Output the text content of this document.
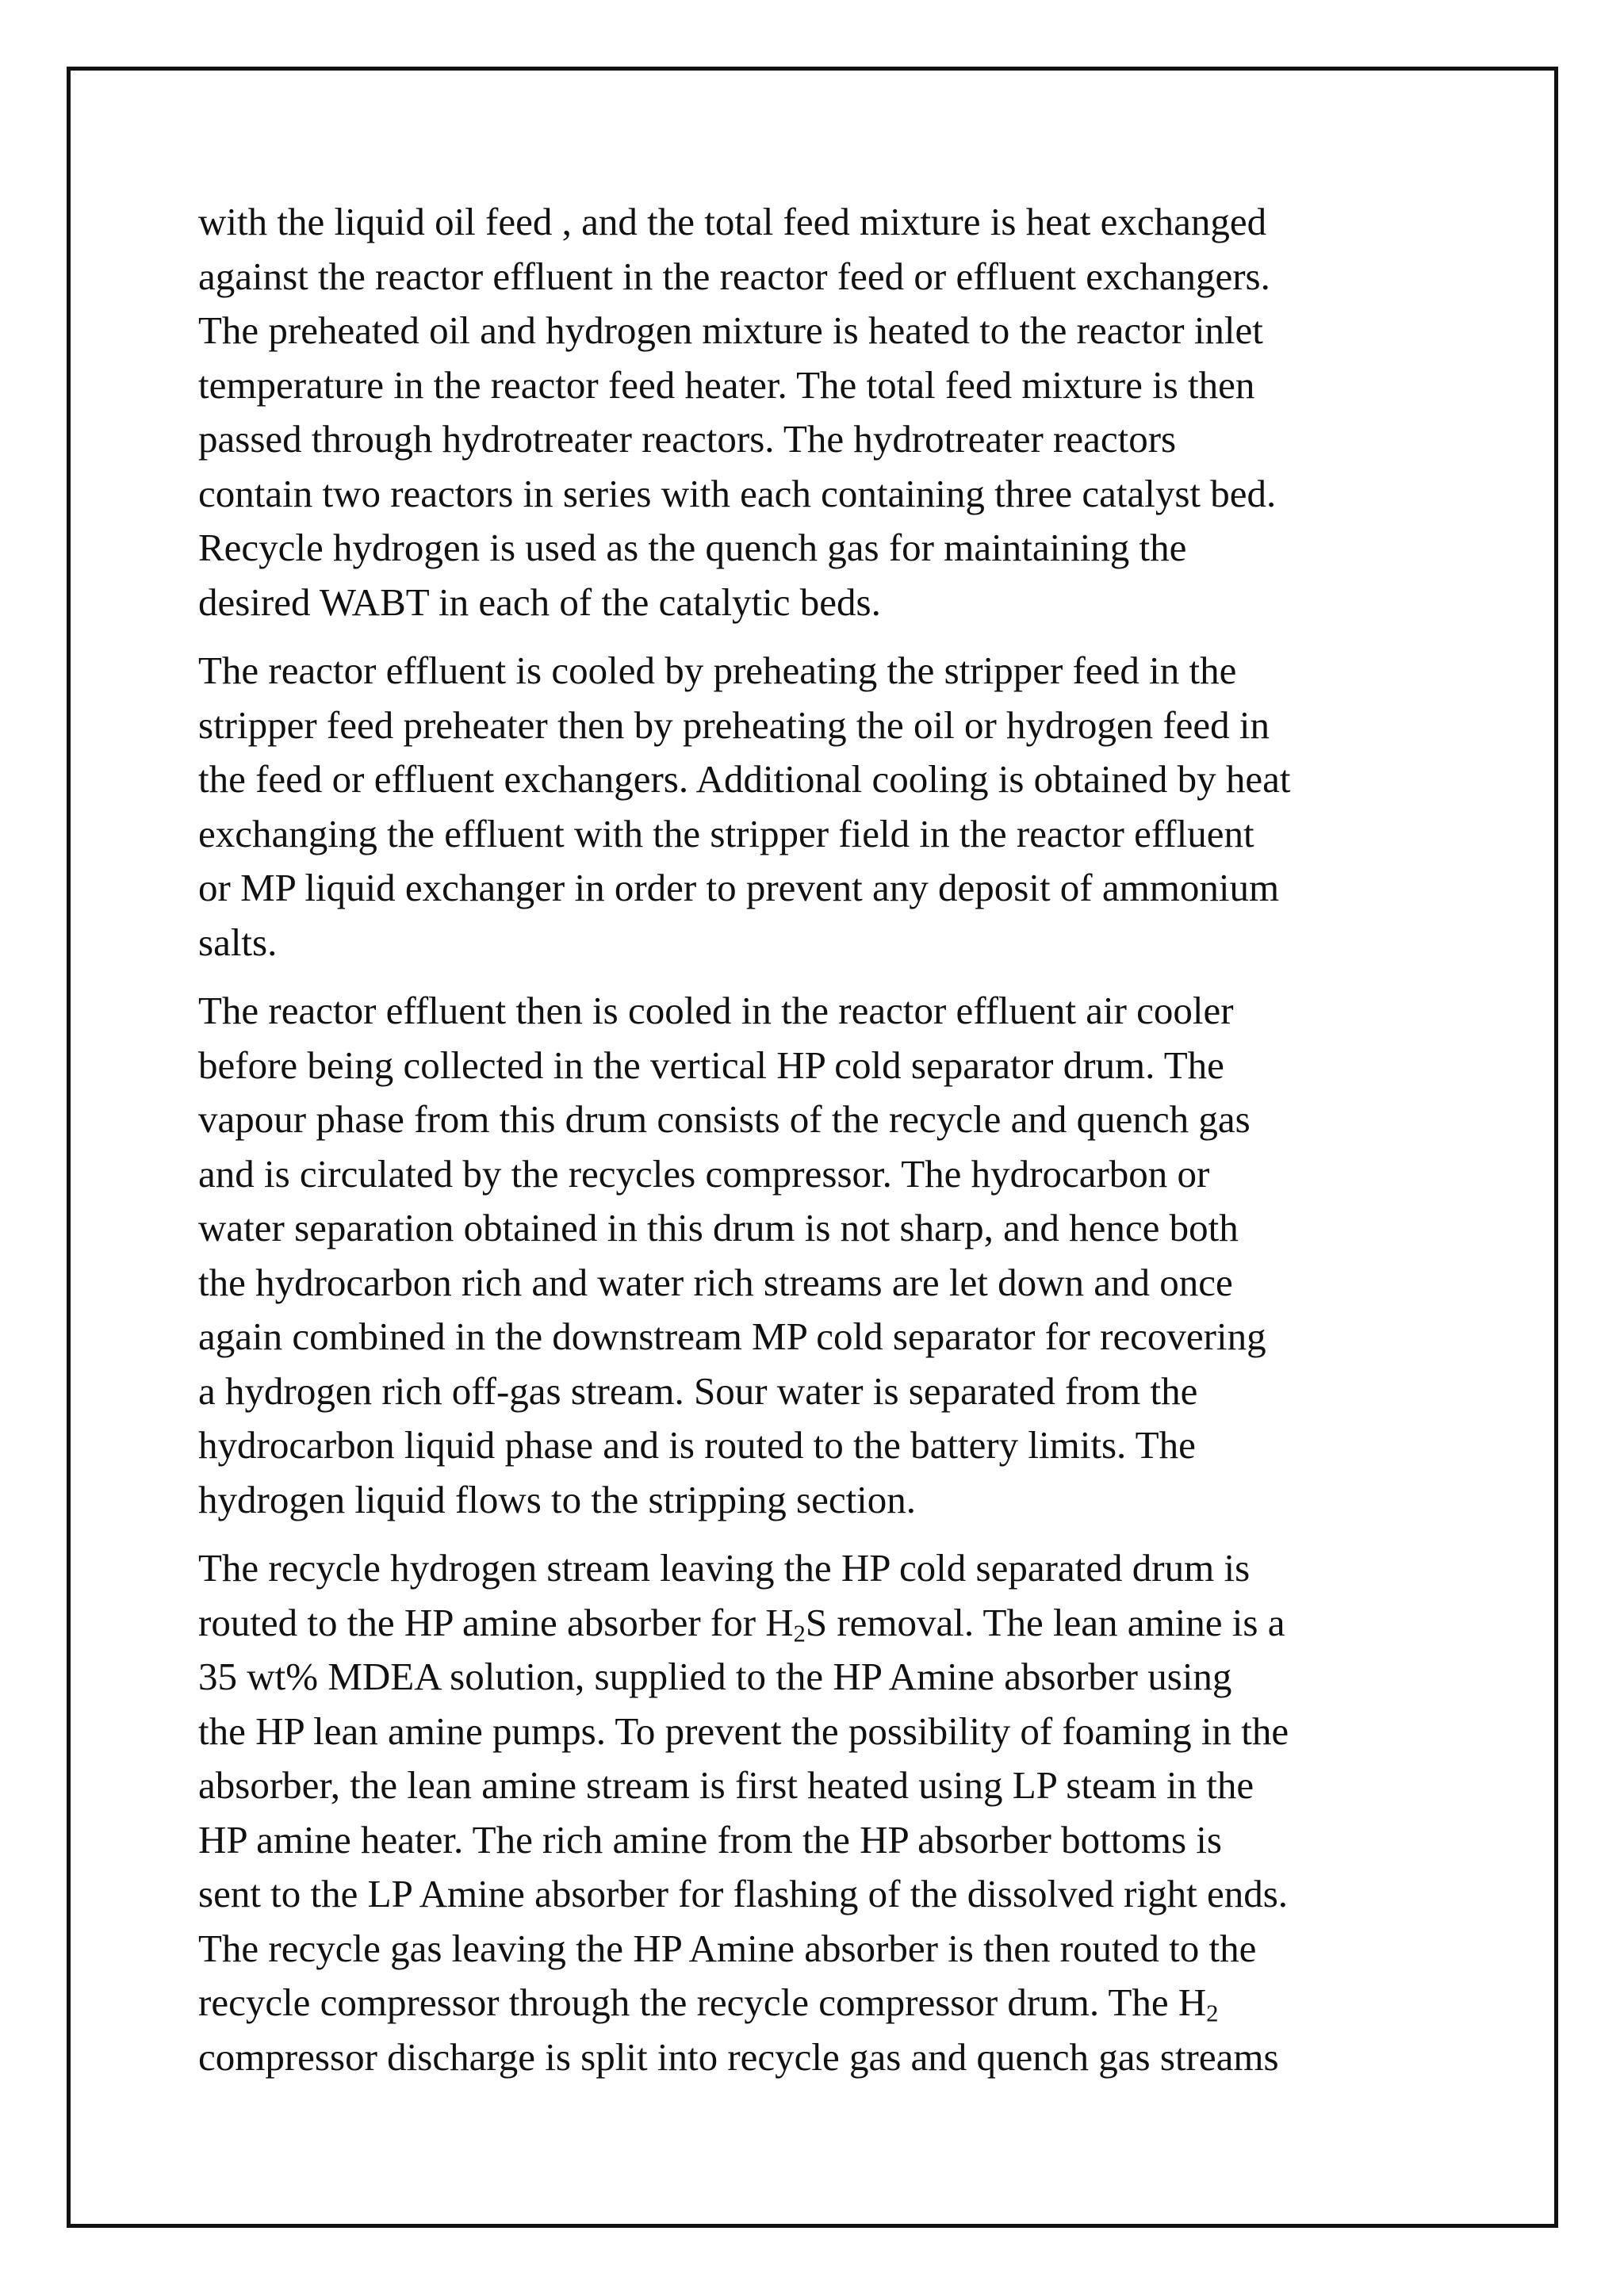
with the liquid oil feed , and the total feed mixture is heat exchanged
against the reactor effluent in the reactor feed or effluent exchangers.
The preheated oil and hydrogen mixture is heated to the reactor inlet
temperature in the reactor feed heater. The total feed mixture is then
passed through hydrotreater reactors. The hydrotreater reactors
contain two reactors in series with each containing three catalyst bed.
Recycle hydrogen is used as the quench gas for maintaining the
desired WABT in each of the catalytic beds.

The reactor effluent is cooled by preheating the stripper feed in the
stripper feed preheater then by preheating the oil or hydrogen feed in
the feed or effluent exchangers. Additional cooling is obtained by heat
exchanging the effluent with the stripper field in the reactor effluent
or MP liquid exchanger in order to prevent any deposit of ammonium
salts.

The reactor effluent then is cooled in the reactor effluent air cooler
before being collected in the vertical HP cold separator drum. The
vapour phase from this drum consists of the recycle and quench gas
and is circulated by the recycles compressor. The hydrocarbon or
water separation obtained in this drum is not sharp, and hence both
the hydrocarbon rich and water rich streams are let down and once
again combined in the downstream MP cold separator for recovering
a hydrogen rich off-gas stream. Sour water is separated from the
hydrocarbon liquid phase and is routed to the battery limits. The
hydrogen liquid flows to the stripping section.

The recycle hydrogen stream leaving the HP cold separated drum is
routed to the HP amine absorber for $H_2S$ removal. The lean amine is a
35 wt% MDEA solution, supplied to the HP Amine absorber using
the HP lean amine pumps. To prevent the possibility of foaming in the
absorber, the lean amine stream is first heated using LP steam in the
HP amine heater. The rich amine from the HP absorber bottoms is
sent to the LP Amine absorber for flashing of the dissolved right ends.
The recycle gas leaving the HP Amine absorber is then routed to the
recycle compressor through the recycle compressor drum. The $H_2$
compressor discharge is split into recycle gas and quench gas streams
